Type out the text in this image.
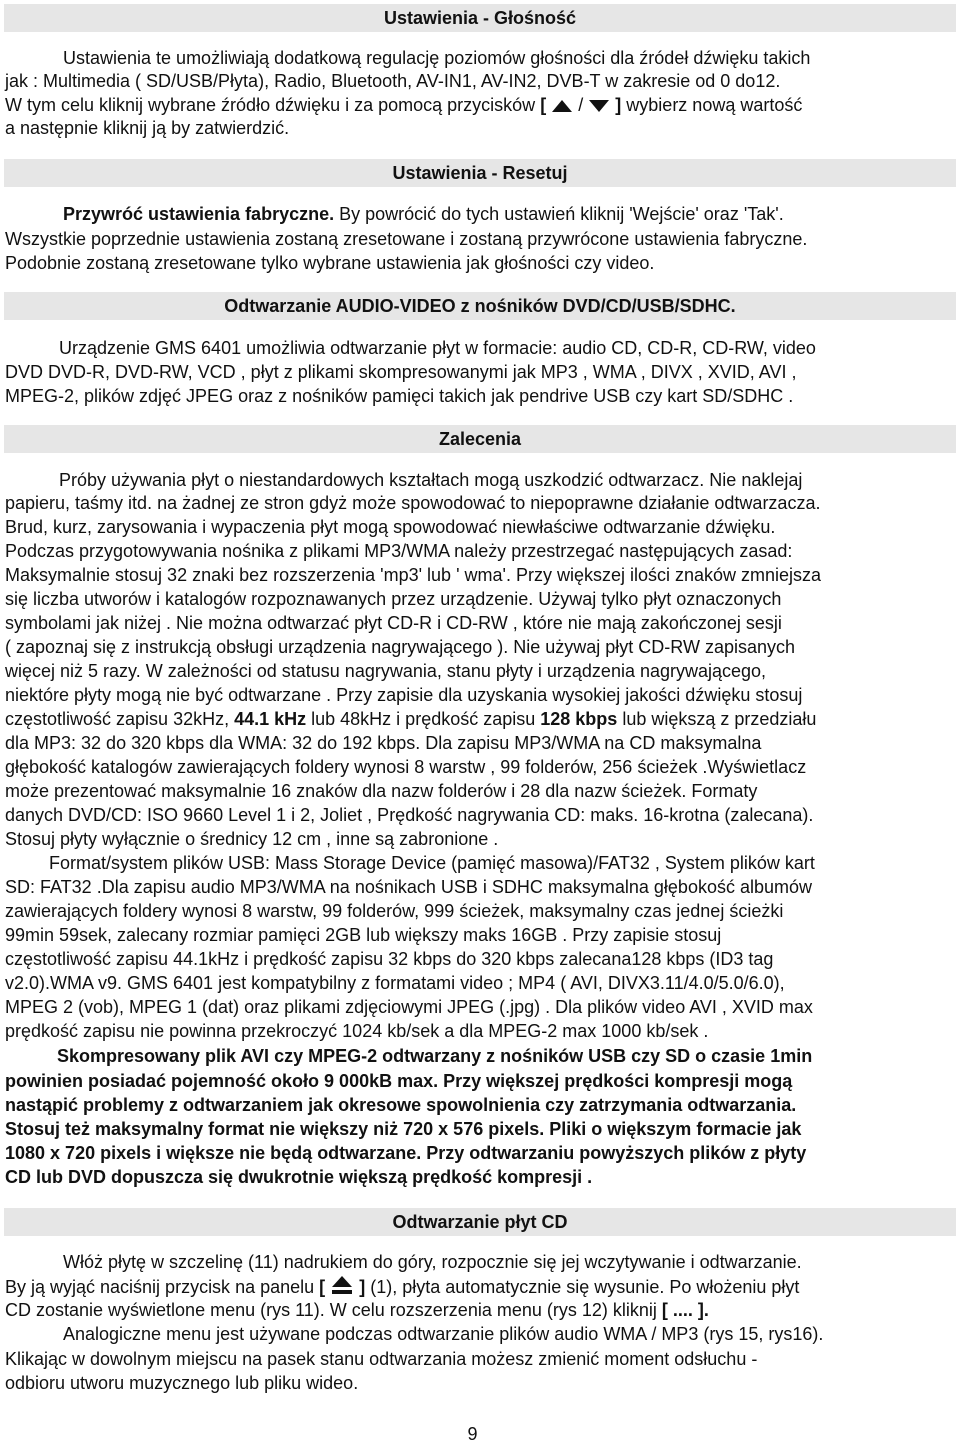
Ustawienia - Głośność
Ustawienia te umożliwiają dodatkową regulację poziomów głośności dla źródeł dźwięku takich
jak : Multimedia ( SD/USB/Płyta), Radio, Bluetooth, AV-IN1, AV-IN2, DVB-T w zakresie od 0 do12.
W tym celu kliknij wybrane źródło dźwięku i za pomocą przycisków [ / ] wybierz nową wartość
a następnie kliknij ją by zatwierdzić.
Ustawienia - Resetuj
Przywróć ustawienia fabryczne. By powrócić do tych ustawień kliknij 'Wejście' oraz 'Tak'.
Wszystkie poprzednie ustawienia zostaną zresetowane i zostaną przywrócone ustawienia fabryczne.
Podobnie zostaną zresetowane tylko wybrane ustawienia jak głośności czy video.
Odtwarzanie AUDIO-VIDEO z nośników DVD/CD/USB/SDHC.
Urządzenie GMS 6401 umożliwia odtwarzanie płyt w formacie: audio CD, CD-R, CD-RW, video
DVD DVD-R, DVD-RW, VCD , płyt z plikami skompresowanymi jak MP3 , WMA , DIVX , XVID, AVI ,
MPEG-2, plików zdjęć JPEG oraz z nośników pamięci takich jak pendrive USB czy kart SD/SDHC .
Zalecenia
Próby używania płyt o niestandardowych kształtach mogą uszkodzić odtwarzacz. Nie naklejaj
papieru, taśmy itd. na żadnej ze stron gdyż może spowodować to niepoprawne działanie odtwarzacza.
Brud, kurz, zarysowania i wypaczenia płyt mogą spowodować niewłaściwe odtwarzanie dźwięku.
Podczas przygotowywania nośnika z plikami MP3/WMA należy przestrzegać następujących zasad:
Maksymalnie stosuj 32 znaki bez rozszerzenia 'mp3' lub ' wma'. Przy większej ilości znaków zmniejsza
się liczba utworów i katalogów rozpoznawanych przez urządzenie. Używaj tylko płyt oznaczonych
symbolami jak niżej . Nie można odtwarzać płyt CD-R i CD-RW , które nie mają zakończonej sesji
( zapoznaj się z instrukcją obsługi urządzenia nagrywającego ). Nie używaj płyt CD-RW zapisanych
więcej niż 5 razy. W zależności od statusu nagrywania, stanu płyty i urządzenia nagrywającego,
niektóre płyty mogą nie być odtwarzane . Przy zapisie dla uzyskania wysokiej jakości dźwięku stosuj
częstotliwość zapisu 32kHz, 44.1 kHz lub 48kHz i prędkość zapisu 128 kbps lub większą z przedziału
dla MP3: 32 do 320 kbps dla WMA: 32 do 192 kbps. Dla zapisu MP3/WMA na CD maksymalna
głębokość katalogów zawierających foldery wynosi 8 warstw , 99 folderów, 256 ścieżek .Wyświetlacz
może prezentować maksymalnie 16 znaków dla nazw folderów i 28 dla nazw ścieżek. Formaty
danych DVD/CD: ISO 9660 Level 1 i 2, Joliet , Prędkość nagrywania CD: maks. 16-krotna (zalecana).
Stosuj płyty wyłącznie o średnicy 12 cm , inne są zabronione .
Format/system plików USB: Mass Storage Device (pamięć masowa)/FAT32 , System plików kart
SD: FAT32 .Dla zapisu audio MP3/WMA na nośnikach USB i SDHC maksymalna głębokość albumów
zawierających foldery wynosi 8 warstw, 99 folderów, 999 ścieżek, maksymalny czas jednej ścieżki
99min 59sek, zalecany rozmiar pamięci 2GB lub większy maks 16GB . Przy zapisie stosuj
częstotliwość zapisu 44.1kHz i prędkość zapisu 32 kbps do 320 kbps zalecana128 kbps (ID3 tag
v2.0).WMA v9. GMS 6401 jest kompatybilny z formatami video ; MP4 ( AVI, DIVX3.11/4.0/5.0/6.0),
MPEG 2 (vob), MPEG 1 (dat) oraz plikami zdjęciowymi JPEG (.jpg) . Dla plików video AVI , XVID max
prędkość zapisu nie powinna przekroczyć 1024 kb/sek a dla MPEG-2 max 1000 kb/sek .
Skompresowany plik AVI czy MPEG-2 odtwarzany z nośników USB czy SD o czasie 1min
powinien posiadać pojemność około 9 000kB max. Przy większej prędkości kompresji mogą
nastąpić problemy z odtwarzaniem jak okresowe spowolnienia czy zatrzymania odtwarzania.
Stosuj też maksymalny format nie większy niż 720 x 576 pixels. Pliki o większym formacie jak
1080 x 720 pixels i większe nie będą odtwarzane. Przy odtwarzaniu powyższych plików z płyty
CD lub DVD dopuszcza się dwukrotnie większą prędkość kompresji .
Odtwarzanie płyt CD
Włóż płytę w szczelinę (11) nadrukiem do góry, rozpocznie się jej wczytywanie i odtwarzanie.
By ją wyjąć naciśnij przycisk na panelu [ ] (1), płyta automatycznie się wysunie. Po włożeniu płyt
CD zostanie wyświetlone menu (rys 11). W celu rozszerzenia menu (rys 12) kliknij [ .... ].
Analogiczne menu jest używane podczas odtwarzanie plików audio WMA / MP3 (rys 15, rys16).
Klikając w dowolnym miejscu na pasek stanu odtwarzania możesz zmienić moment odsłuchu -
odbioru utworu muzycznego lub pliku wideo.
9
